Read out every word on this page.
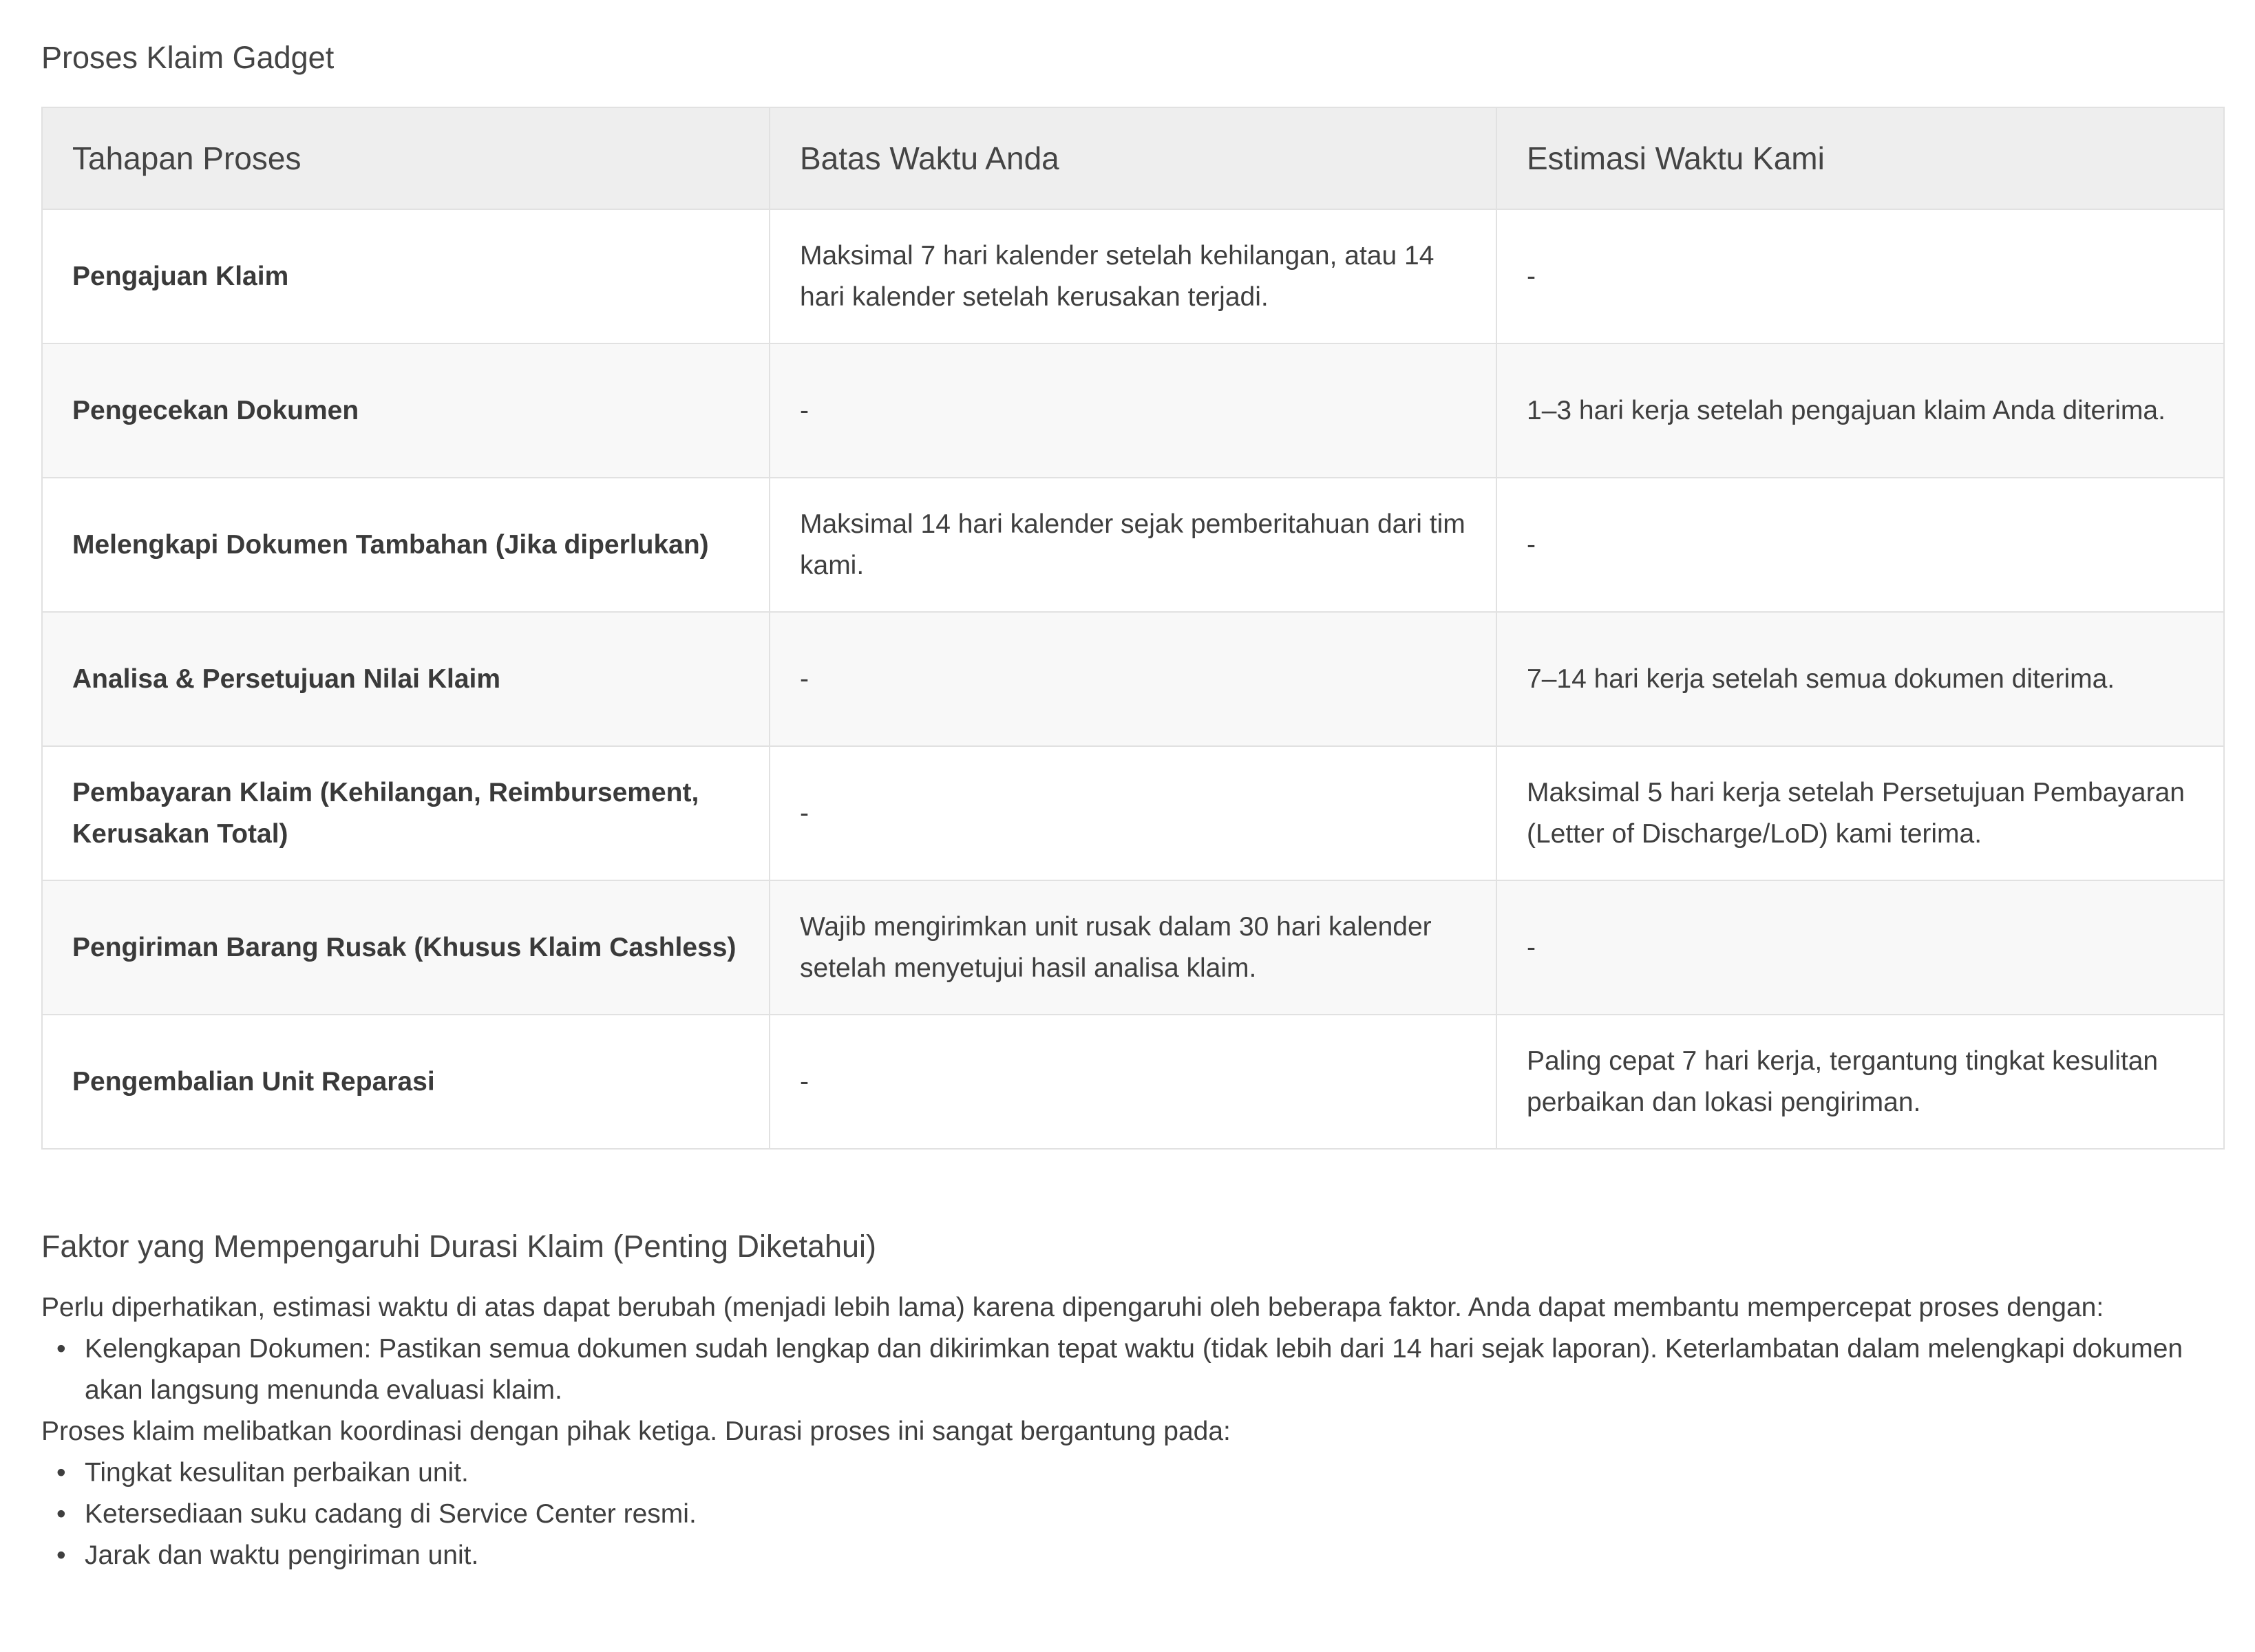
Proses Klaim Gadget
Tahapan Proses	Batas Waktu Anda	Estimasi Waktu Kami
Pengajuan Klaim	Maksimal 7 hari kalender setelah kehilangan, atau 14 hari kalender setelah kerusakan terjadi.	-
Pengecekan Dokumen	-	1–3 hari kerja setelah pengajuan klaim Anda diterima.
Melengkapi Dokumen Tambahan (Jika diperlukan)	Maksimal 14 hari kalender sejak pemberitahuan dari tim kami.	-
Analisa & Persetujuan Nilai Klaim	-	7–14 hari kerja setelah semua dokumen diterima.
Pembayaran Klaim (Kehilangan, Reimbursement, Kerusakan Total)	-	Maksimal 5 hari kerja setelah Persetujuan Pembayaran (Letter of Discharge/LoD) kami terima.
Pengiriman Barang Rusak (Khusus Klaim Cashless)	Wajib mengirimkan unit rusak dalam 30 hari kalender setelah menyetujui hasil analisa klaim.	-
Pengembalian Unit Reparasi	-	Paling cepat 7 hari kerja, tergantung tingkat kesulitan perbaikan dan lokasi pengiriman.
Faktor yang Mempengaruhi Durasi Klaim (Penting Diketahui)

Perlu diperhatikan, estimasi waktu di atas dapat berubah (menjadi lebih lama) karena dipengaruhi oleh beberapa faktor. Anda dapat membantu mempercepat proses dengan:

• Kelengkapan Dokumen: Pastikan semua dokumen sudah lengkap dan dikirimkan tepat waktu (tidak lebih dari 14 hari sejak laporan). Keterlambatan dalam melengkapi dokumen akan langsung menunda evaluasi klaim.

Proses klaim melibatkan koordinasi dengan pihak ketiga. Durasi proses ini sangat bergantung pada:

• Tingkat kesulitan perbaikan unit.
• Ketersediaan suku cadang di Service Center resmi.
• Jarak dan waktu pengiriman unit.
